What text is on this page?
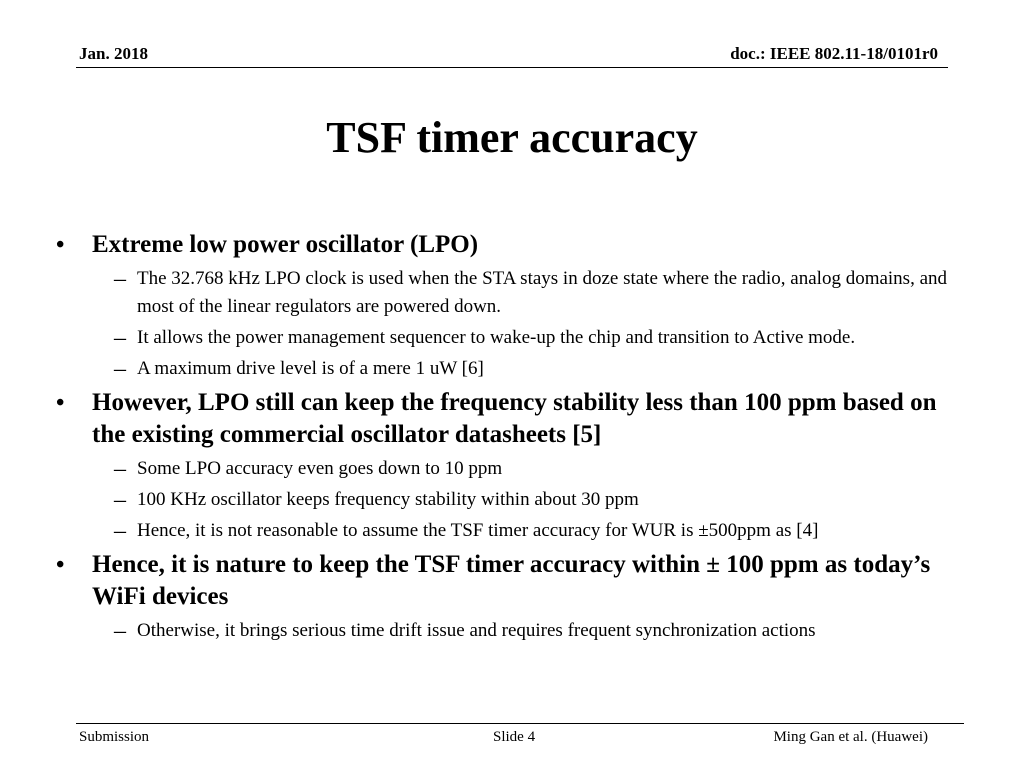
Jan. 2018	doc.: IEEE 802.11-18/0101r0
TSF timer accuracy
• Extreme low power oscillator (LPO)
– The 32.768 kHz LPO clock is used when the STA stays in doze state where the radio, analog domains, and most of the linear regulators are powered down.
– It allows the power management sequencer to wake-up the chip and transition to Active mode.
– A maximum drive level is of a mere 1 uW [6]
• However, LPO still can keep the frequency stability less than 100 ppm based on the existing commercial oscillator datasheets [5]
– Some LPO accuracy even goes down to 10 ppm
– 100 KHz oscillator keeps frequency stability within about 30 ppm
– Hence, it is not reasonable to assume the TSF timer accuracy for WUR is ±500ppm as [4]
• Hence, it is nature to keep the TSF timer accuracy within ± 100 ppm as today’s WiFi devices
– Otherwise, it brings serious time drift issue and requires frequent synchronization actions
Submission	Slide 4	Ming Gan et al. (Huawei)
